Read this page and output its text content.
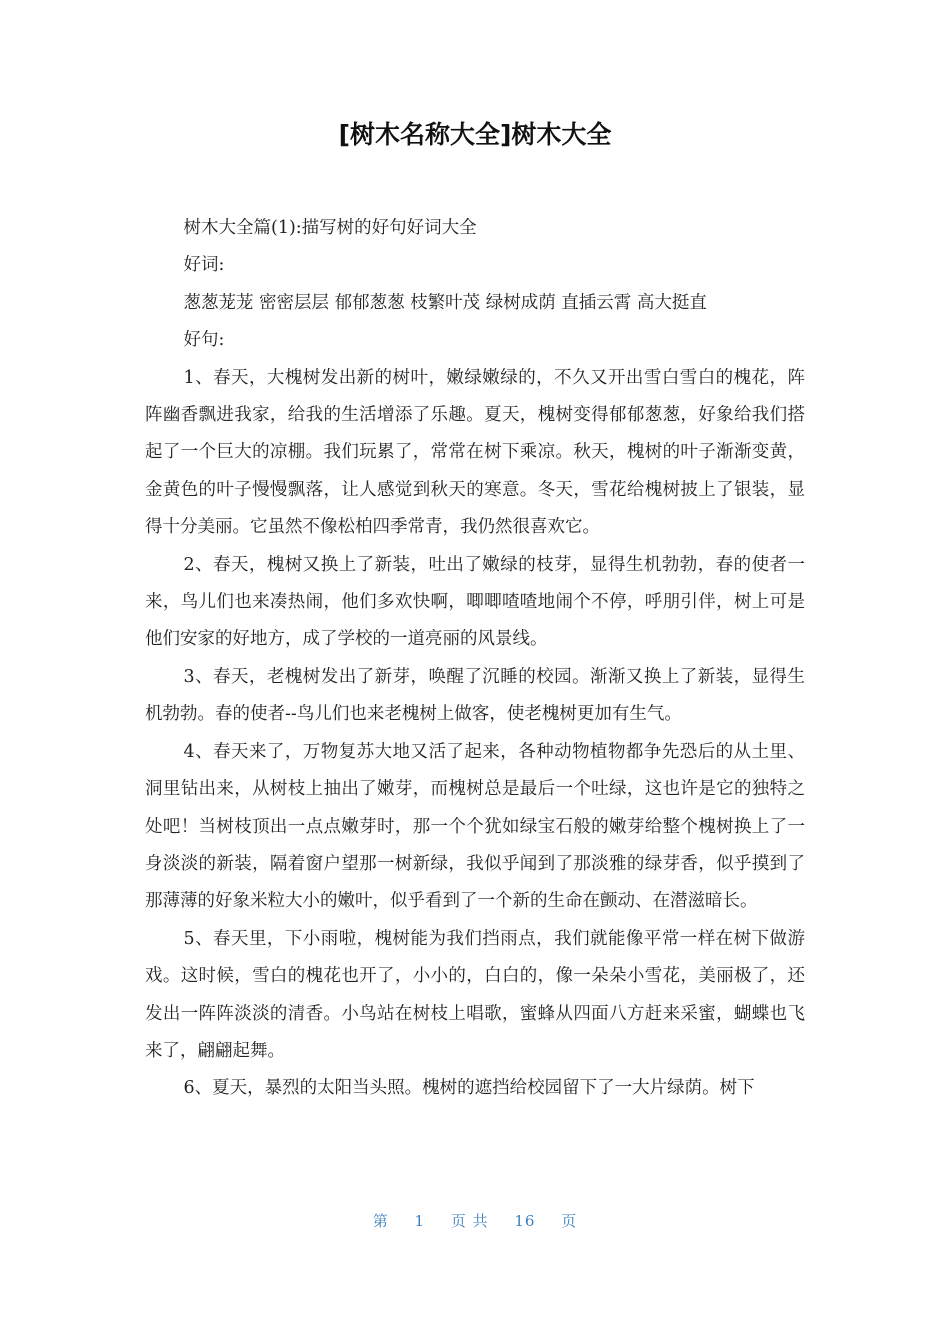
[树木名称大全]树木大全

树木大全篇(1):描写树的好句好词大全

好词:

葱葱茏茏 密密层层 郁郁葱葱 枝繁叶茂 绿树成荫 直插云霄 高大挺直

好句:

1、春天，大槐树发出新的树叶，嫩绿嫩绿的，不久又开出雪白雪白的槐花，阵阵幽香飘进我家，给我的生活增添了乐趣。夏天，槐树变得郁郁葱葱，好象给我们搭起了一个巨大的凉棚。我们玩累了，常常在树下乘凉。秋天，槐树的叶子渐渐变黄，金黄色的叶子慢慢飘落，让人感觉到秋天的寒意。冬天，雪花给槐树披上了银装，显得十分美丽。它虽然不像松柏四季常青，我仍然很喜欢它。

2、春天，槐树又换上了新装，吐出了嫩绿的枝芽，显得生机勃勃，春的使者一来，鸟儿们也来凑热闹，他们多欢快啊，唧唧喳喳地闹个不停，呼朋引伴，树上可是他们安家的好地方，成了学校的一道亮丽的风景线。

3、春天，老槐树发出了新芽，唤醒了沉睡的校园。渐渐又换上了新装，显得生机勃勃。春的使者--鸟儿们也来老槐树上做客，使老槐树更加有生气。

4、春天来了，万物复苏大地又活了起来，各种动物植物都争先恐后的从土里、洞里钻出来，从树枝上抽出了嫩芽，而槐树总是最后一个吐绿，这也许是它的独特之处吧！当树枝顶出一点点嫩芽时，那一个个犹如绿宝石般的嫩芽给整个槐树换上了一身淡淡的新装，隔着窗户望那一树新绿，我似乎闻到了那淡雅的绿芽香，似乎摸到了那薄薄的好象米粒大小的嫩叶，似乎看到了一个新的生命在颤动、在潜滋暗长。

5、春天里，下小雨啦，槐树能为我们挡雨点，我们就能像平常一样在树下做游戏。这时候，雪白的槐花也开了，小小的，白白的，像一朵朵小雪花，美丽极了，还发出一阵阵淡淡的清香。小鸟站在树枝上唱歌，蜜蜂从四面八方赶来采蜜，蝴蝶也飞来了，翩翩起舞。

6、夏天，暴烈的太阳当头照。槐树的遮挡给校园留下了一大片绿荫。树下

第 1 页 共 16 页
